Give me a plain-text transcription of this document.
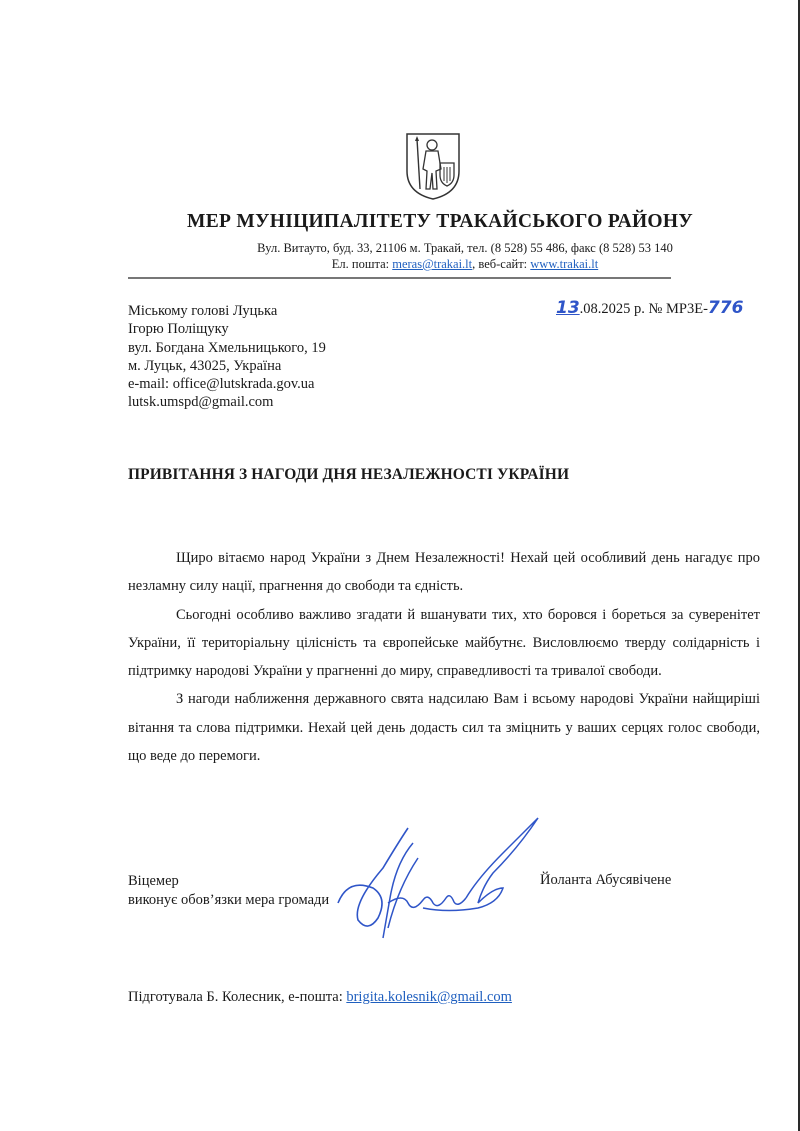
МЕР МУНІЦИПАЛІТЕТУ ТРАКАЙСЬКОГО РАЙОНУ
Вул. Витауто, буд. 33, 21106 м. Тракай, тел. (8 528) 55 486, факс (8 528) 53 140
Ел. пошта: meras@trakai.lt, веб-сайт: www.trakai.lt
Міському голові Луцька
Ігорю Поліщуку
вул. Богдана Хмельницького, 19
м. Луцьк, 43025, Україна
e-mail: office@lutskrada.gov.ua
lutsk.umspd@gmail.com
13.08.2025 р. № МР3Е-776
ПРИВІТАННЯ З НАГОДИ ДНЯ НЕЗАЛЕЖНОСТІ УКРАЇНИ

Щиро вітаємо народ України з Днем Незалежності! Нехай цей особливий день нагадує про незламну силу нації, прагнення до свободи та єдність.

Сьогодні особливо важливо згадати й вшанувати тих, хто боровся і бореться за суверенітет України, її територіальну цілісність та європейське майбутнє. Висловлюємо тверду солідарність і підтримку народові України у прагненні до миру, справедливості та тривалої свободи.

З нагоди наближення державного свята надсилаю Вам і всьому народові України найщиріші вітання та слова підтримки. Нехай цей день додасть сил та зміцнить у ваших серцях голос свободи, що веде до перемоги.

Віцемер
виконує обов’язки мера громади
Йоланта Абусявічене
Підготувала Б. Колесник, е-пошта: brigita.kolesnik@gmail.com
